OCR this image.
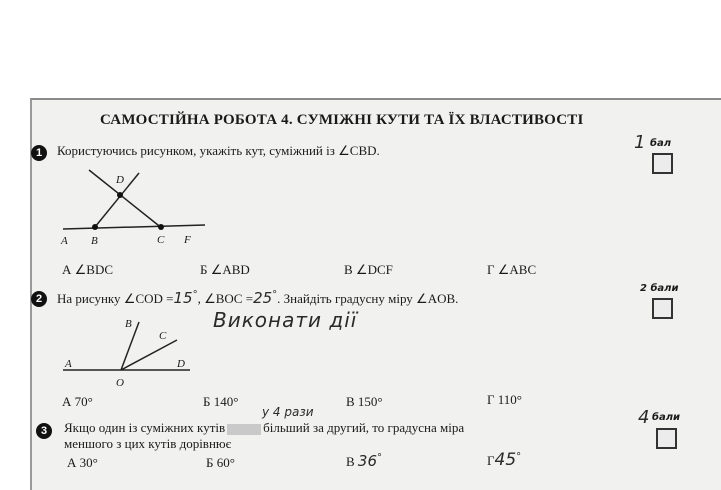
САМОСТІЙНА РОБОТА 4. СУМІЖНІ КУТИ ТА ЇХ ВЛАСТИВОСТІ
1	Користуючись рисунком, укажіть кут, суміжний із ∠CBD.	1 бал
D
A B	C F
А ∠BDC	Б ∠ABD	В ∠DCF	Г ∠ABC
2	На рисунку ∠COD =15°, ∠BOC =25°. Знайдіть градусну міру ∠AOB.
2 бали
Виконати дії
B
C
A	D
O
А 70°	Б 140°	В 150°	Г 110°
3
у 4 рази
Якщо один із суміжних кутів	більший за другий, то градусна міра
меншого з цих кутів дорівнює
4 бали
А 30°	Б 60°	В 36°	Г45°
